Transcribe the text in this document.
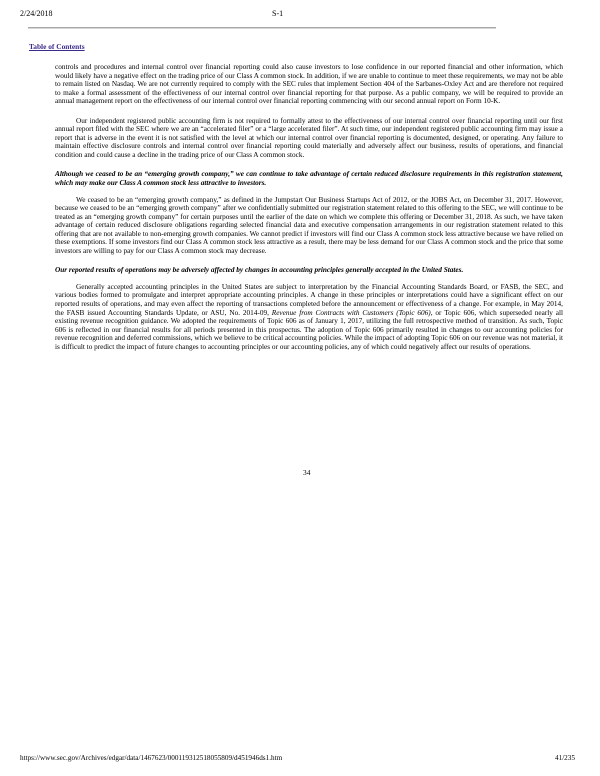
2/24/2018	S-1
Table of Contents

controls and procedures and internal control over financial reporting could also cause investors to lose confidence in our reported financial and other information, which would likely have a negative effect on the trading price of our Class A common stock. In addition, if we are unable to continue to meet these requirements, we may not be able to remain listed on Nasdaq. We are not currently required to comply with the SEC rules that implement Section 404 of the Sarbanes-Oxley Act and are therefore not required to make a formal assessment of the effectiveness of our internal control over financial reporting for that purpose. As a public company, we will be required to provide an annual management report on the effectiveness of our internal control over financial reporting commencing with our second annual report on Form 10-K.

Our independent registered public accounting firm is not required to formally attest to the effectiveness of our internal control over financial reporting until our first annual report filed with the SEC where we are an “accelerated filer” or a “large accelerated filer”. At such time, our independent registered public accounting firm may issue a report that is adverse in the event it is not satisfied with the level at which our internal control over financial reporting is documented, designed, or operating. Any failure to maintain effective disclosure controls and internal control over financial reporting could materially and adversely affect our business, results of operations, and financial condition and could cause a decline in the trading price of our Class A common stock.

Although we ceased to be an “emerging growth company,” we can continue to take advantage of certain reduced disclosure requirements in this registration statement, which may make our Class A common stock less attractive to investors.

We ceased to be an “emerging growth company,” as defined in the Jumpstart Our Business Startups Act of 2012, or the JOBS Act, on December 31, 2017. However, because we ceased to be an “emerging growth company” after we confidentially submitted our registration statement related to this offering to the SEC, we will continue to be treated as an “emerging growth company” for certain purposes until the earlier of the date on which we complete this offering or December 31, 2018. As such, we have taken advantage of certain reduced disclosure obligations regarding selected financial data and executive compensation arrangements in our registration statement related to this offering that are not available to non-emerging growth companies. We cannot predict if investors will find our Class A common stock less attractive because we have relied on these exemptions. If some investors find our Class A common stock less attractive as a result, there may be less demand for our Class A common stock and the price that some investors are willing to pay for our Class A common stock may decrease.

Our reported results of operations may be adversely affected by changes in accounting principles generally accepted in the United States.

Generally accepted accounting principles in the United States are subject to interpretation by the Financial Accounting Standards Board, or FASB, the SEC, and various bodies formed to promulgate and interpret appropriate accounting principles. A change in these principles or interpretations could have a significant effect on our reported results of operations, and may even affect the reporting of transactions completed before the announcement or effectiveness of a change. For example, in May 2014, the FASB issued Accounting Standards Update, or ASU, No. 2014-09, Revenue from Contracts with Customers (Topic 606), or Topic 606, which superseded nearly all existing revenue recognition guidance. We adopted the requirements of Topic 606 as of January 1, 2017, utilizing the full retrospective method of transition. As such, Topic 606 is reflected in our financial results for all periods presented in this prospectus. The adoption of Topic 606 primarily resulted in changes to our accounting policies for revenue recognition and deferred commissions, which we believe to be critical accounting policies. While the impact of adopting Topic 606 on our revenue was not material, it is difficult to predict the impact of future changes to accounting principles or our accounting policies, any of which could negatively affect our results of operations.

34
https://www.sec.gov/Archives/edgar/data/1467623/000119312518055809/d451946ds1.htm	41/235
